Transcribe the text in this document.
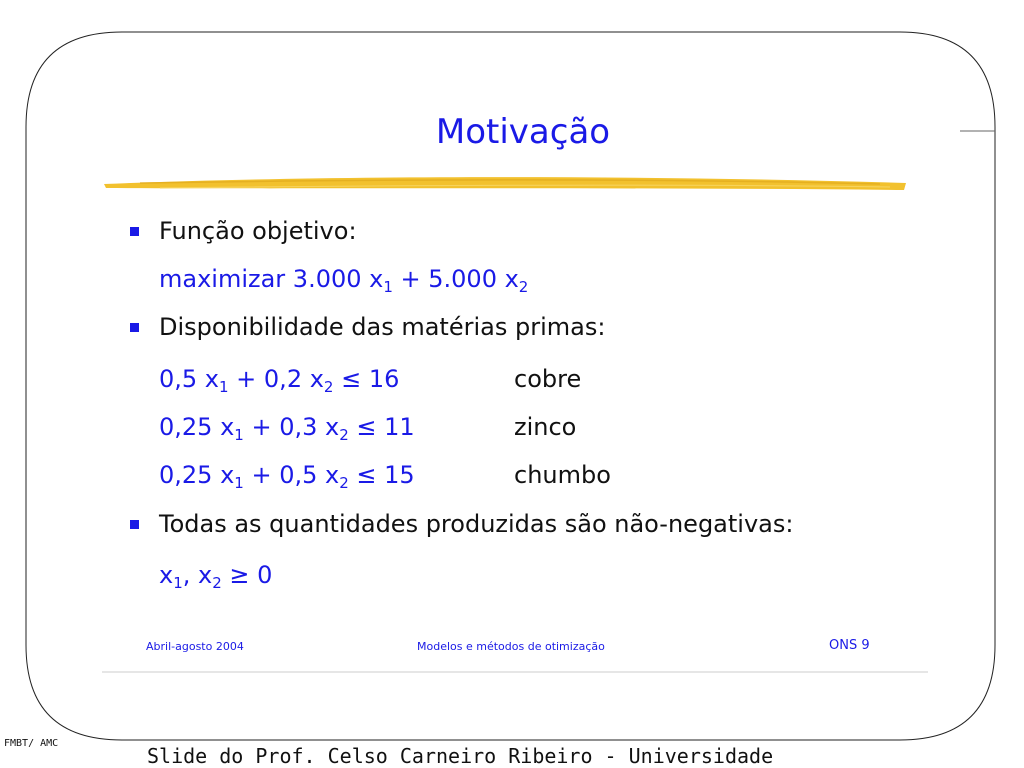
Motivação
Função objetivo:
maximizar 3.000 $x_1 + 5.000$ $x_2$
Disponibilidade das matérias primas:
0,5 $x_1 + 0,2$ $x_2 \le 16$	cobre
0,25 $x_1 + 0,3$ $x_2 \le 11$	zinco
0,25 $x_1 + 0,5$ $x_2 \le 15$	chumbo
Todas as quantidades produzidas são não-negativas:
$x_1$, $x_2 \ge 0$
Abril-agosto 2004	Modelos e métodos de otimização	ONS 9
FMBT/ AMC
Slide do Prof. Celso Carneiro Ribeiro - Universidade
